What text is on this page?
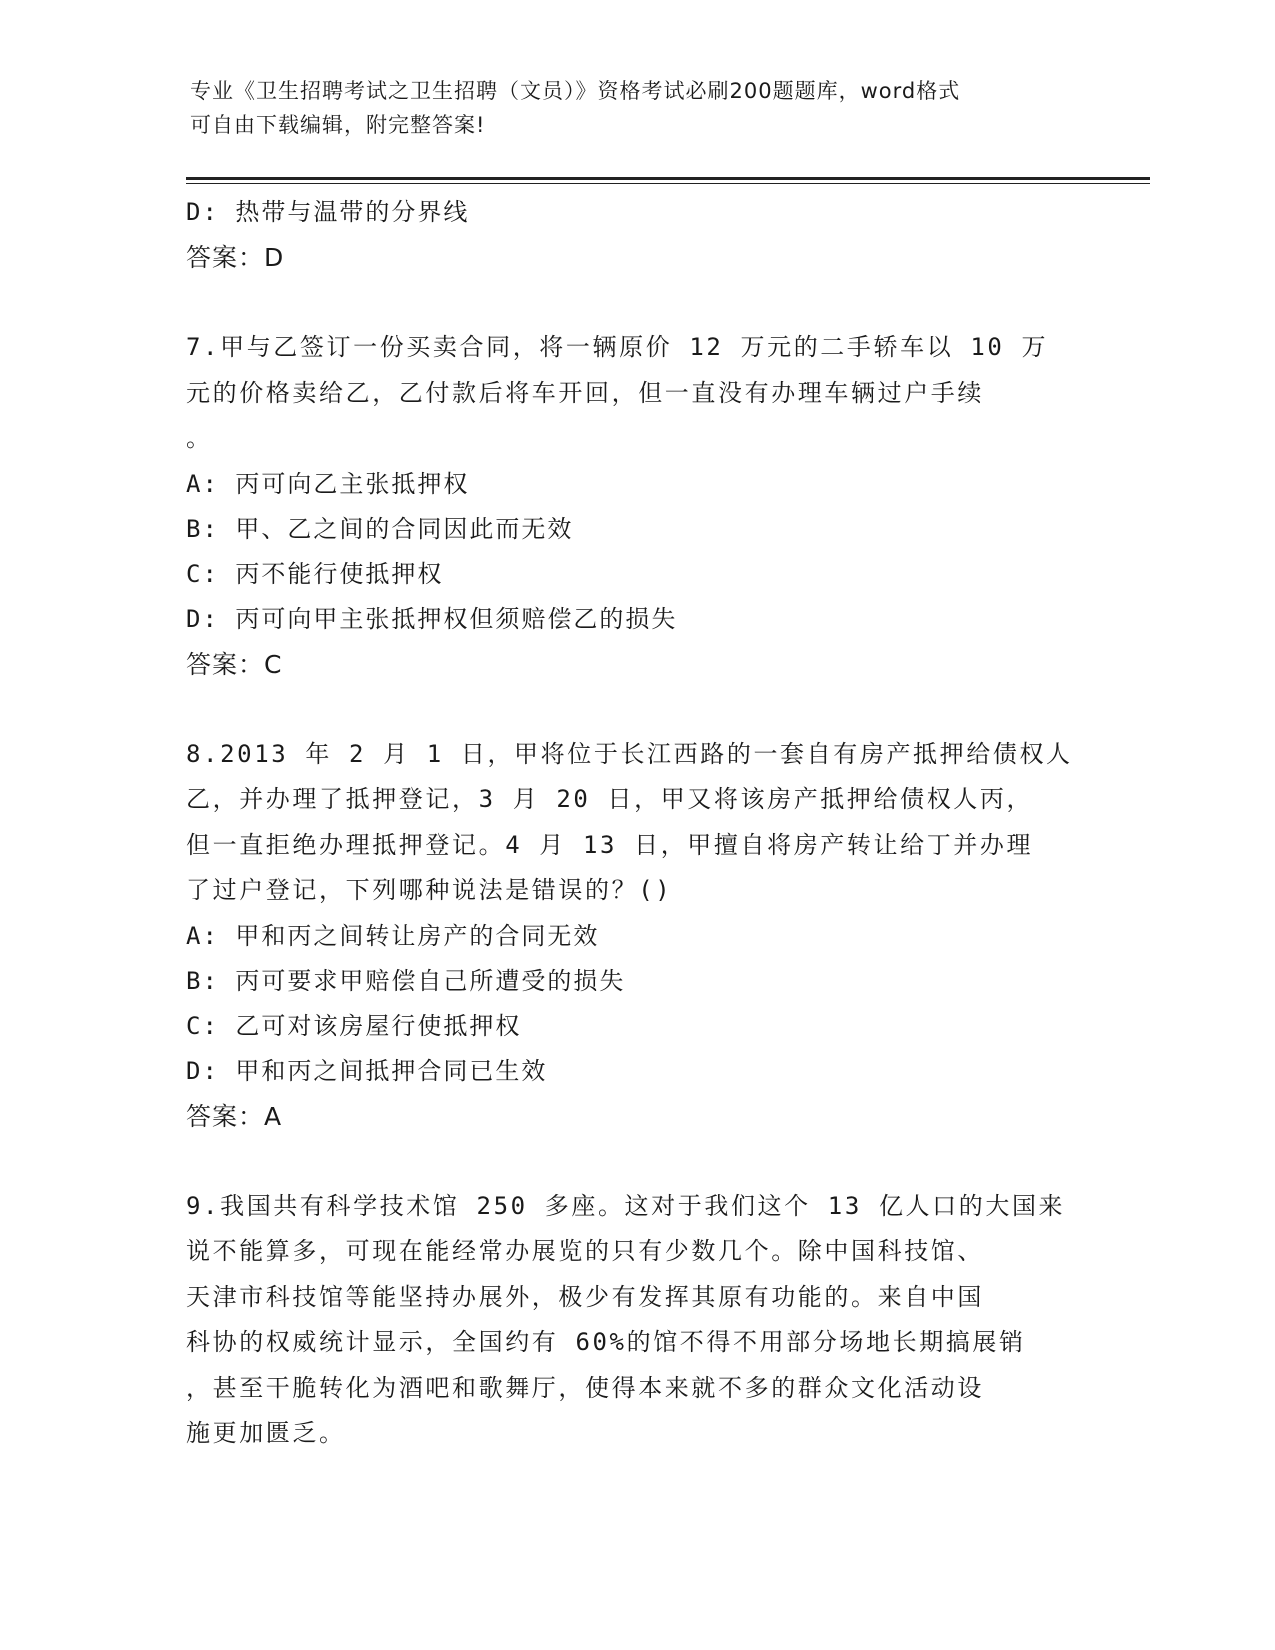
专业《卫生招聘考试之卫生招聘（文员）》资格考试必刷200题题库，word格式
可自由下载编辑，附完整答案!
D: 热带与温带的分界线
答案：D
7.甲与乙签订一份买卖合同，将一辆原价 12 万元的二手轿车以 10 万
元的价格卖给乙，乙付款后将车开回，但一直没有办理车辆过户手续
。
A: 丙可向乙主张抵押权
B: 甲、乙之间的合同因此而无效
C: 丙不能行使抵押权
D: 丙可向甲主张抵押权但须赔偿乙的损失
答案：C
8.2013 年 2 月 1 日，甲将位于长江西路的一套自有房产抵押给债权人
乙，并办理了抵押登记，3 月 20 日，甲又将该房产抵押给债权人丙，
但一直拒绝办理抵押登记。4 月 13 日，甲擅自将房产转让给丁并办理
了过户登记，下列哪种说法是错误的？()
A: 甲和丙之间转让房产的合同无效
B: 丙可要求甲赔偿自己所遭受的损失
C: 乙可对该房屋行使抵押权
D: 甲和丙之间抵押合同已生效
答案：A
9.我国共有科学技术馆 250 多座。这对于我们这个 13 亿人口的大国来
说不能算多，可现在能经常办展览的只有少数几个。除中国科技馆、
天津市科技馆等能坚持办展外，极少有发挥其原有功能的。来自中国
科协的权威统计显示，全国约有 60%的馆不得不用部分场地长期搞展销
，甚至干脆转化为酒吧和歌舞厅，使得本来就不多的群众文化活动设
施更加匮乏。
